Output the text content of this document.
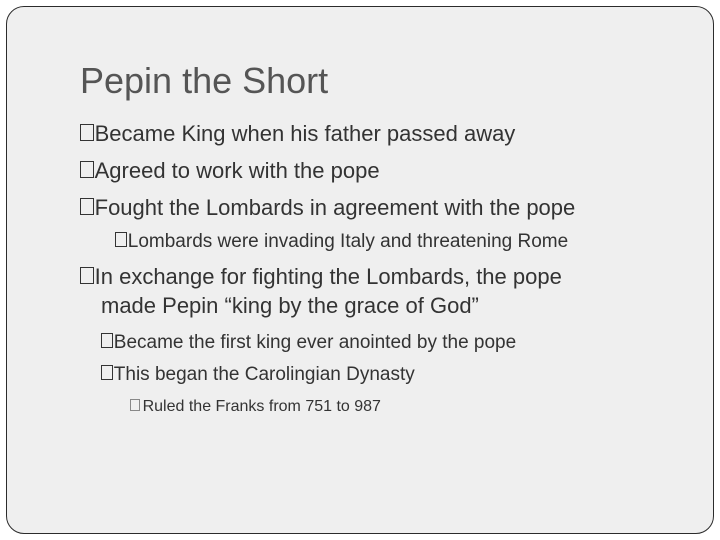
Pepin the Short
Became King when his father passed away
Agreed to work with the pope
Fought the Lombards in agreement with the pope
Lombards were invading Italy and threatening Rome
In exchange for fighting the Lombards, the pope
made Pepin “king by the grace of God”
Became the first king ever anointed by the pope
This began the Carolingian Dynasty
Ruled the Franks from 751 to 987
